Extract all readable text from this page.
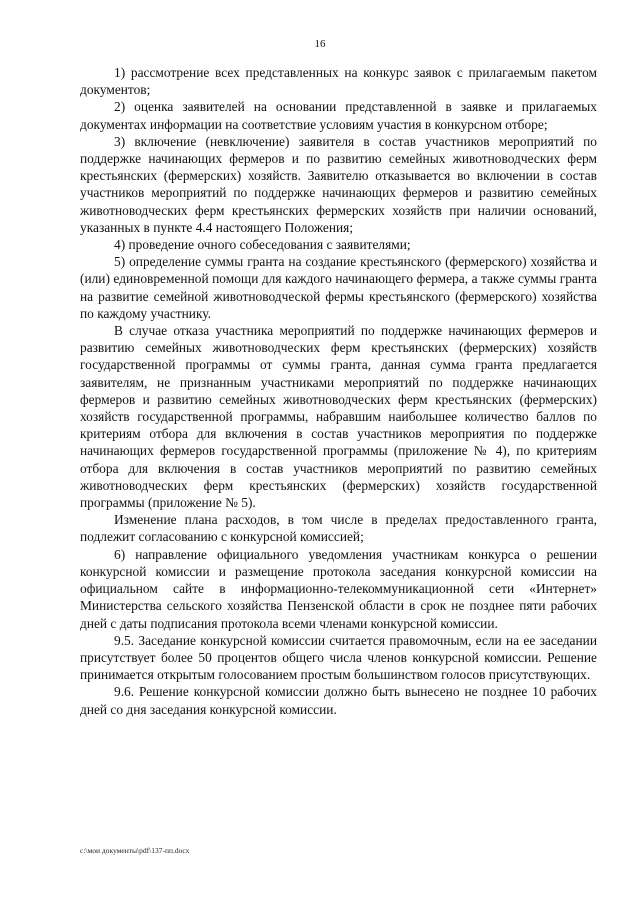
16

1) рассмотрение всех представленных на конкурс заявок с прилагаемым пакетом документов;

2) оценка заявителей на основании представленной в заявке и прилагаемых документах информации на соответствие условиям участия в конкурсном отборе;

3) включение (невключение) заявителя в состав участников мероприятий по поддержке начинающих фермеров и по развитию семейных животноводческих ферм крестьянских (фермерских) хозяйств. Заявителю отказывается во включении в состав участников мероприятий по поддержке начинающих фермеров и развитию семейных животноводческих ферм крестьянских фермерских хозяйств при наличии оснований, указанных в пункте 4.4 настоящего Положения;

4) проведение очного собеседования с заявителями;

5) определение суммы гранта на создание крестьянского (фермерского) хозяйства и (или) единовременной помощи для каждого начинающего фермера, а также суммы гранта на развитие семейной животноводческой фермы крестьянского (фермерского) хозяйства по каждому участнику.

В случае отказа участника мероприятий по поддержке начинающих фермеров и развитию семейных животноводческих ферм крестьянских (фермерских) хозяйств государственной программы от суммы гранта, данная сумма гранта предлагается заявителям, не признанным участниками мероприятий по поддержке начинающих фермеров и развитию семейных животноводческих ферм крестьянских (фермерских) хозяйств государственной программы, набравшим наибольшее количество баллов по критериям отбора для включения в состав участников мероприятия по поддержке начинающих фермеров государственной программы (приложение № 4), по критериям отбора для включения в состав участников мероприятий по развитию семейных животноводческих ферм крестьянских (фермерских) хозяйств государственной программы (приложение № 5).

Изменение плана расходов, в том числе в пределах предоставленного гранта, подлежит согласованию с конкурсной комиссией;

6) направление официального уведомления участникам конкурса о решении конкурсной комиссии и размещение протокола заседания конкурсной комиссии на официальном сайте в информационно-телекоммуникационной сети «Интернет» Министерства сельского хозяйства Пензенской области в срок не позднее пяти рабочих дней с даты подписания протокола всеми членами конкурсной комиссии.

9.5. Заседание конкурсной комиссии считается правомочным, если на ее заседании присутствует более 50 процентов общего числа членов конкурсной комиссии. Решение принимается открытым голосованием простым большинством голосов присутствующих.

9.6. Решение конкурсной комиссии должно быть вынесено не позднее 10 рабочих дней со дня заседания конкурсной комиссии.

c:\мои документы\pdf\137-пп.docx
